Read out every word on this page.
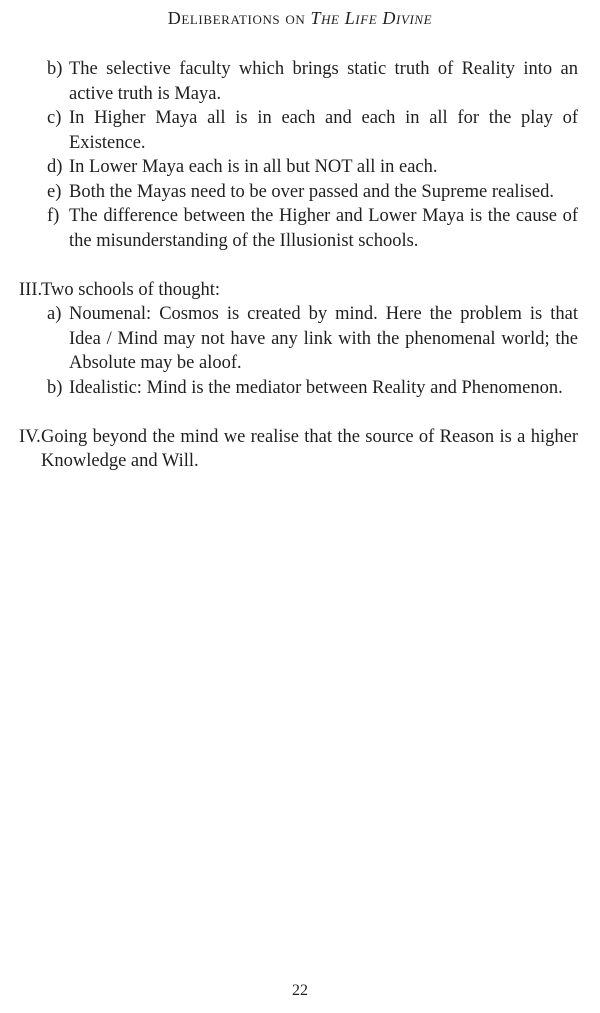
Deliberations on The Life Divine
b) The selective faculty which brings static truth of Reality into an active truth is Maya.
c) In Higher Maya all is in each and each in all for the play of Existence.
d) In Lower Maya each is in all but NOT all in each.
e) Both the Mayas need to be over passed and the Supreme realised.
f) The difference between the Higher and Lower Maya is the cause of the misunderstanding of the Illusionist schools.
III.
Two schools of thought:
a) Noumenal: Cosmos is created by mind. Here the problem is that Idea / Mind may not have any link with the phenomenal world; the Absolute may be aloof.
b) Idealistic: Mind is the mediator between Reality and Phenomenon.
IV. Going beyond the mind we realise that the source of Reason is a higher Knowledge and Will.
22
